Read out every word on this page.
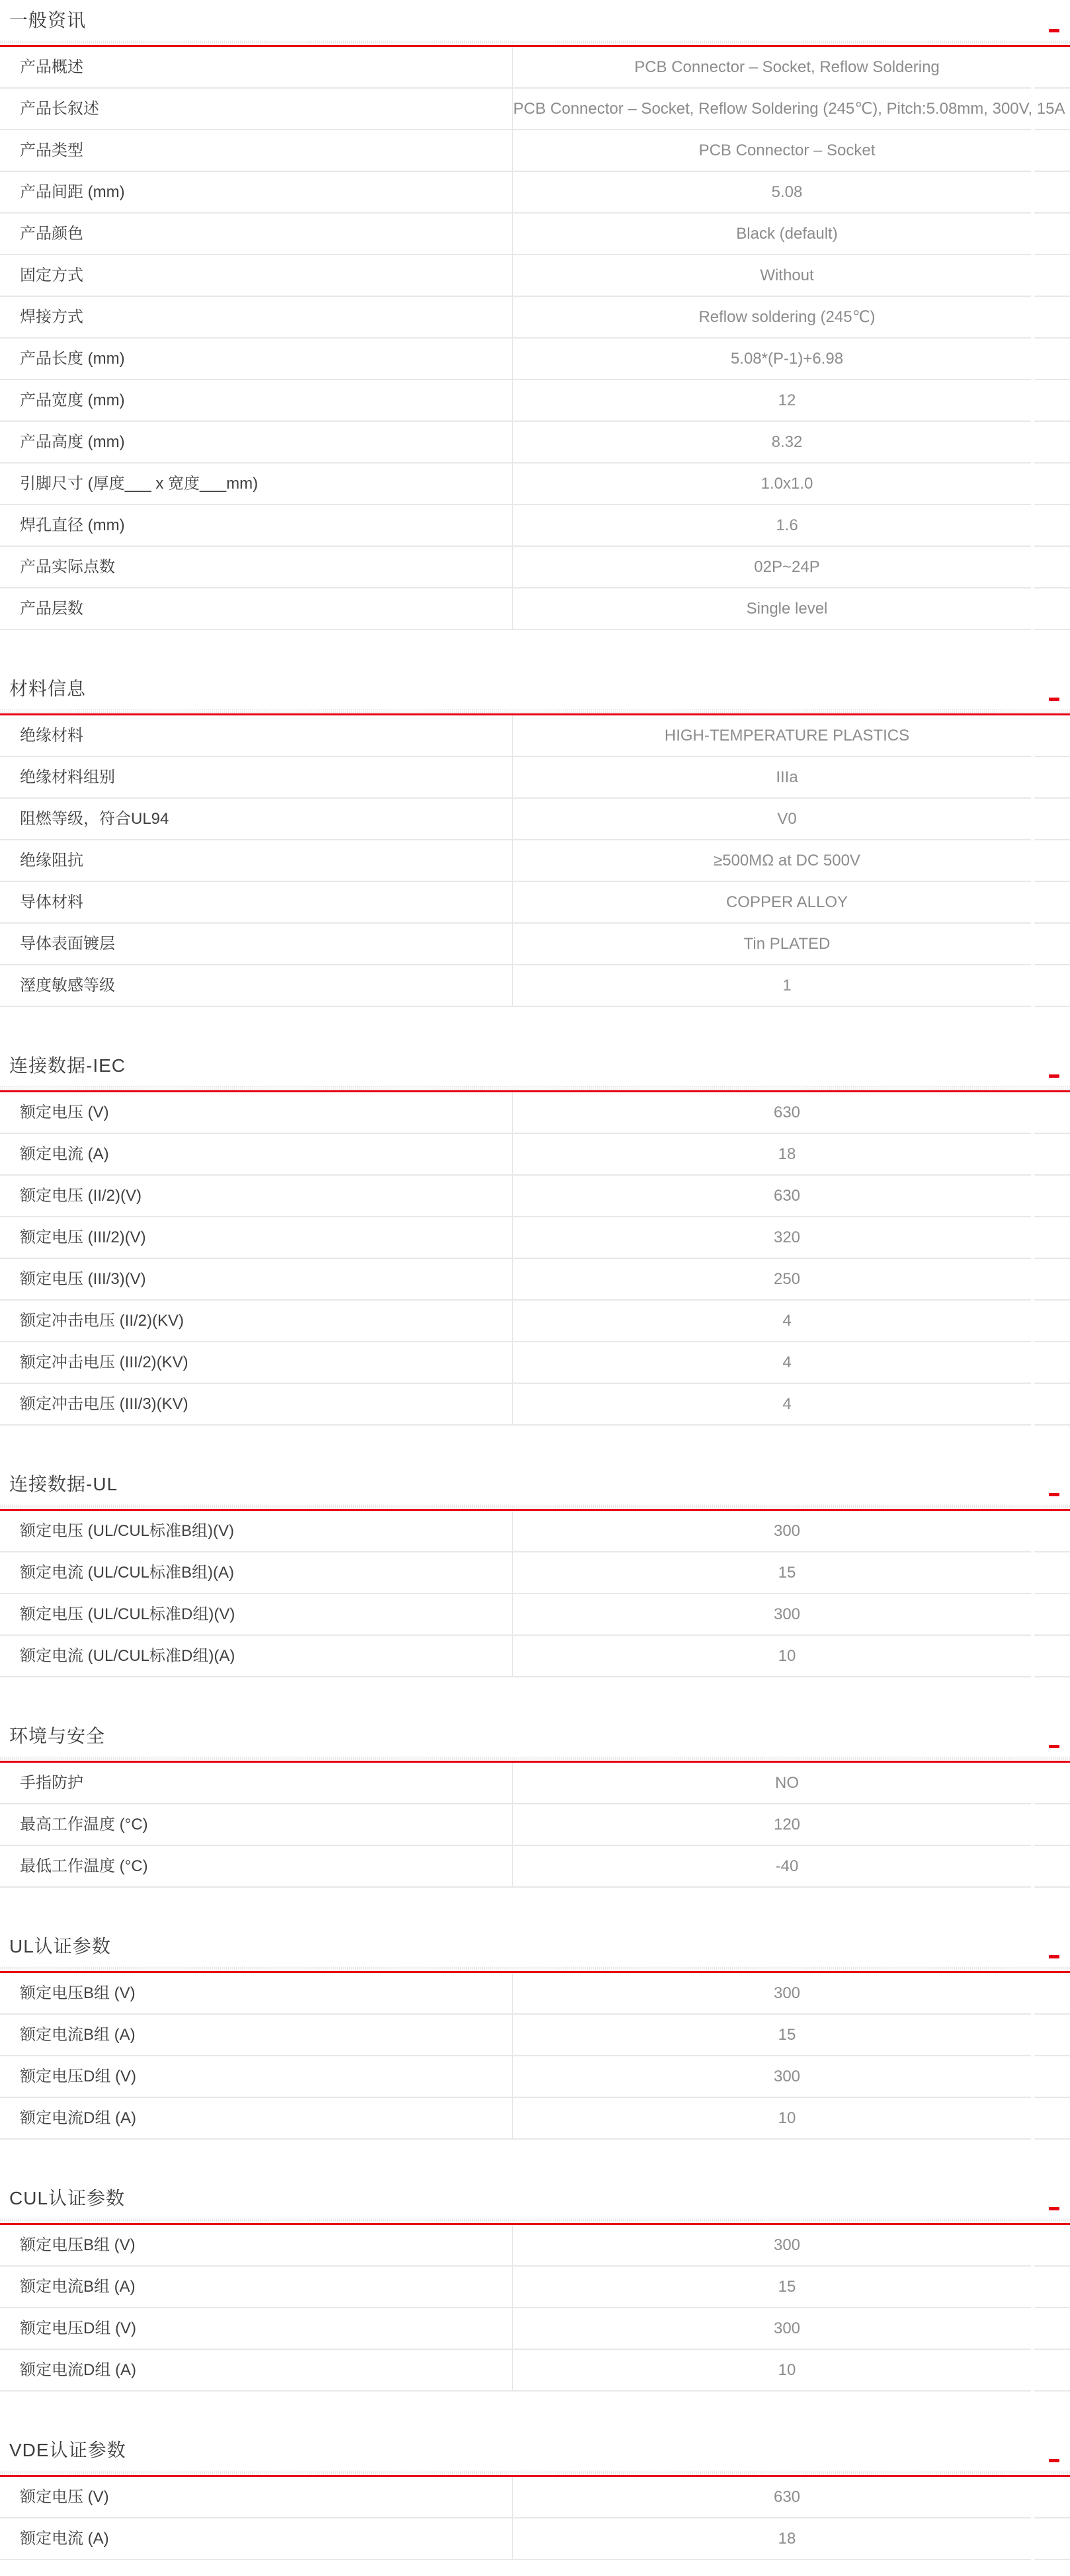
一般资讯
产品概述	PCB Connector – Socket, Reflow Soldering
产品长叙述	PCB Connector – Socket, Reflow Soldering (245℃), Pitch:5.08mm, 300V, 15A
产品类型	PCB Connector – Socket
产品间距 (mm)	5.08
产品颜色	Black (default)
固定方式	Without
焊接方式	Reflow soldering (245℃)
产品长度 (mm)	5.08*(P-1)+6.98
产品宽度 (mm)	12
产品高度 (mm)	8.32
引脚尺寸 (厚度___ x 宽度___mm)	1.0x1.0
焊孔直径 (mm)	1.6
产品实际点数	02P~24P
产品层数	Single level
材料信息
绝缘材料	HIGH-TEMPERATURE PLASTICS
绝缘材料组别	IIIa
阻燃等级，符合UL94	V0
绝缘阻抗	≥500MΩ at DC 500V
导体材料	COPPER ALLOY
导体表面镀层	Tin PLATED
溼度敏感等级	1
连接数据-IEC
额定电压 (V)	630
额定电流 (A)	18
额定电压 (II/2)(V)	630
额定电压 (III/2)(V)	320
额定电压 (III/3)(V)	250
额定冲击电压 (II/2)(KV)	4
额定冲击电压 (III/2)(KV)	4
额定冲击电压 (III/3)(KV)	4
连接数据-UL
额定电压 (UL/CUL标准B组)(V)	300
额定电流 (UL/CUL标准B组)(A)	15
额定电压 (UL/CUL标准D组)(V)	300
额定电流 (UL/CUL标准D组)(A)	10
环境与安全
手指防护	NO
最高工作温度 (°C)	120
最低工作温度 (°C)	-40
UL认证参数
额定电压B组 (V)	300
额定电流B组 (A)	15
额定电压D组 (V)	300
额定电流D组 (A)	10
CUL认证参数
额定电压B组 (V)	300
额定电流B组 (A)	15
额定电压D组 (V)	300
额定电流D组 (A)	10
VDE认证参数
额定电压 (V)	630
额定电流 (A)	18
